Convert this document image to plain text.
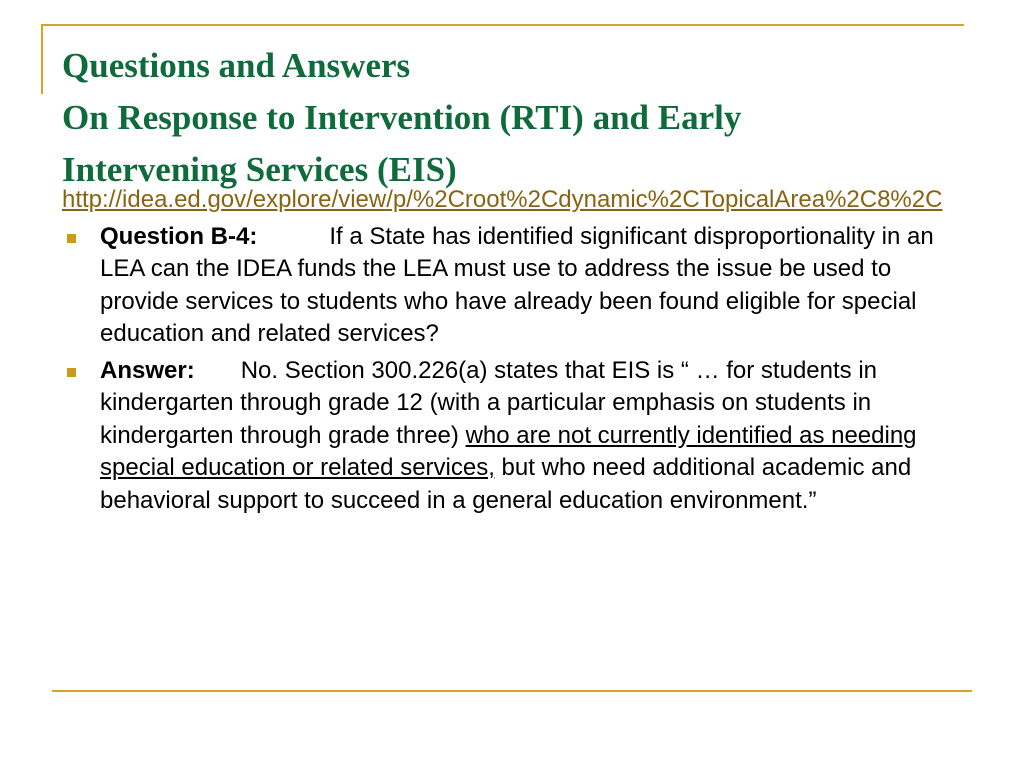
Questions and Answers
On Response to Intervention (RTI) and Early
Intervening Services (EIS)
http://idea.ed.gov/explore/view/p/%2Croot%2Cdynamic%2CTopicalArea%2C8%2C
Question B-4:	If a State has identified significant disproportionality in an LEA can the IDEA funds the LEA must use to address the issue be used to provide services to students who have already been found eligible for special education and related services?
Answer: No. Section 300.226(a) states that EIS is “ … for students in kindergarten through grade 12 (with a particular emphasis on students in kindergarten through grade three) who are not currently identified as needing special education or related services, but who need additional academic and behavioral support to succeed in a general education environment.”
